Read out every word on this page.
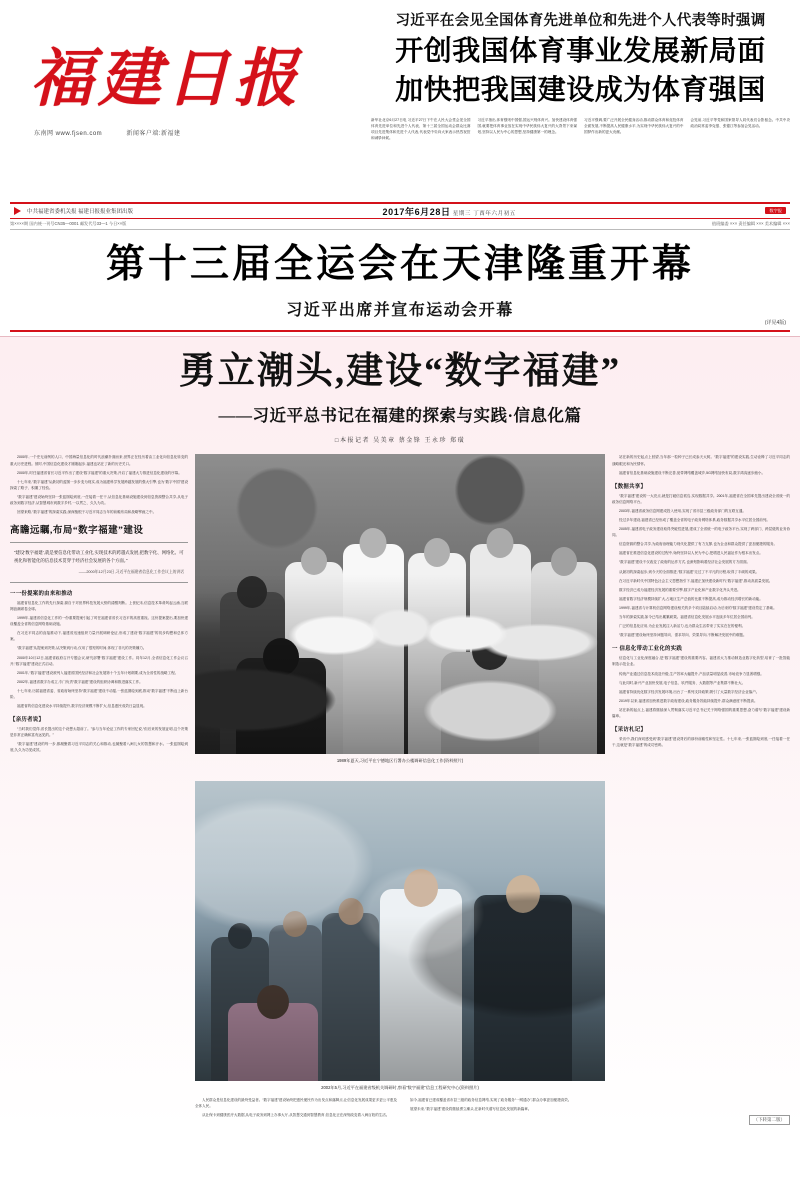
福建日报
东南网 www.fjsen.com	新闻客户端:新福建
习近平在会见全国体育先进单位和先进个人代表等时强调
开创我国体育事业发展新局面
加快把我国建设成为体育强国

新华社北京6月27日电 习近平27日下午在人民大会堂会见全国体育先进单位和先进个人代表、第十三届全国运动会群众比赛项目先进集体和先进个人代表,代表党中央向大家表示热烈祝贺和诚挚问候。

习近平指出,体育强则中国强,国运兴则体育兴。加快建设体育强国,就要把体育事业放在实现中华民族伟大复兴的大背景下来谋划,坚持以人民为中心的思想,坚持健康第一的理念。

习近平强调,要广泛开展全民健身活动,推动群众体育和竞技体育全面发展,不断提高人民健康水平,为实现中华民族伟大复兴的中国梦作出新的更大贡献。

会见前,习近平等党和国家领导人同代表们合影留念。中共中央政治局常委李克强、张德江等参加会见活动。

中共福建省委机关报 福建日报报业集团出版	2017年6月28日 星期三 丁酉年六月初五	数字报
第××××期 国内统一刊号CN35—0001 邮发代号33—1 今日××版	值班编委 ××× 责任编辑 ××× 美术编辑 ×××
第十三届全运会在天津隆重开幕
习近平出席并宣布运动会开幕
(详见4版)
勇立潮头,建设“数字福建”
——习近平总书记在福建的探索与实践·信息化篇
□本报记者 吴美章 蔡金锋 王永珍 郑璜

2000年,一个史无前例的人口、中国海量信息化的时代浪潮扑面而来,世界正在经历着由工业化向信息化转变的重大历史进程。彼时,中国信息化建设才刚刚起步,福建也站在了新的历史关口。

2000年,时任福建省省长习近平作出了建设“数字福建”的重大决策,开启了福建大力推进信息化建设的序幕。

十七年来,“数字福建”从最初的蓝图一步步变为现实,成为福建科学发展跨越发展的强大引擎,也为“数字中国”建设探索了路子、积累了经验。

“数字福建”建设始终坚持一张蓝图绘到底,一任接着一任干,从信息化基础设施建设到信息资源整合共享,从电子政务到数字经济,从智慧城市到数字乡村,一以贯之、久久为功。

回望来路,“数字福建”的探索实践,深深植根于习近平同志当年的前瞻布局和战略擘画之中。

高瞻远瞩,布局“数字福建”建设
“建设‘数字福建’,就是要信息化带动工业化,实现技术的跨越式发展,把数字化、网络化、可视化和智能化的信息技术贯穿于经济社会发展的各个方面。”
——2000年12月23日,习近平在福建省信息化工作会议上的讲话
一一份提案的由来和推动

福建省信息化工作的先行探索,源自于对世界科技发展大势的清醒判断。上世纪末,信息技术革命风起云涌,互联网浪潮席卷全球。

1999年,福建省信息化工作的一份重要提案引起了时任福建省省长习近平的高度重视。这份提案提出,要加快建设覆盖全省的信息网络基础设施。

在习近平同志的直接推动下,福建省迅速组织力量开展调研论证,形成了建设“数字福建”的初步构想和总体方案。

“数字福建”从提案到决策,从决策到行动,仅用了很短的时间,体现了非凡的决策魄力。

2000年10月12日,福建省政府召开专题会议,研究部署“数字福建”建设工作。同年12月,全省信息化工作会议召开,“数字福建”建设正式启动。

2001年,“数字福建”建设被列入福建省国民经济和社会发展第十个五年计划纲要,成为全省性的战略工程。

2002年,福建省数字办成立,专门负责“数字福建”建设的组织协调和推进落实工作。

十七年来,历届福建省委、省政府始终坚持“数字福建”建设不动摇,一张蓝图绘到底,推动“数字福建”不断迈上新台阶。

福建省的信息化建设水平持续提升,数字经济规模不断扩大,信息惠民成效日益显现。

【亲历者说】

“当时我们觉得,省长提出的这个设想太超前了。”参与当年论证工作的专家回忆说,“但后来的发展证明,这个决策是非常正确和富有远见的。”

“数字福建”建设的每一步,都凝聚着习近平同志的关心和推动,也凝聚着八闽儿女的智慧和汗水。一张蓝图绘到底,久久为功见成效。

1989年夏天,习近平在宁德地区行署办公楼调研信息化工作(资料照片)
2002年5月,习近平在福建省级机关调研时,察看“数字福建”信息工程研究中心(资料照片)

人民群众是信息化建设的最终受益者。“数字福建”建设始终把惠民便民作为出发点和落脚点,让信息化发展成果更多更公平惠及全体人民。

从社保卡到健康医疗大数据,从电子政务到网上办事大厅,从智慧交通到智慧教育,信息化正在深刻改变着八闽百姓的生活。

如今,福建省已建成覆盖省市县三级的政务信息网络,实现了政务服务“一网通办”,群众办事更加便捷高效。

展望未来,“数字福建”建设将继续勇立潮头,在新时代谱写信息化发展的新篇章。

站在新的历史起点上回望,当年那一粒种子已长成参天大树。“数字福建”的建设实践,生动诠释了习近平同志的战略眼光和为民情怀。

福建省信息化基础设施建设不断完善,宽带网络覆盖城乡,5G网络加快布局,数字鸿沟逐步缩小。

【数据共享】

“数字福建”建设的一大亮点,就是打破信息孤岛,实现数据共享。2001年,福建省在全国率先提出建设全省统一的政务信息网络平台。

2003年,福建省政务信息网建成投入使用,实现了省市县三级政务部门的互联互通。

经过多年建设,福建省已经形成了覆盖全省的电子政务网络体系,政务数据共享水平位居全国前列。

2005年,福建省电子政务建设取得突破性进展,建成了全省统一的电子政务平台,实现了跨部门、跨层级的业务协同。

信息资源的整合共享,为政府治理能力现代化提供了有力支撑,也为企业和群众提供了更加便捷的服务。

福建省在推进信息化建设的过程中,始终坚持以人民为中心,把增进人民福祉作为根本出发点。

“数字福建”建设不仅改变了政府的运作方式,也深刻影响着经济社会发展的方方面面。

从最初的探索起步,到今天的全面推进,“数字福建”走过了不平凡的历程,取得了丰硕的成果。

在习近平新时代中国特色社会主义思想指引下,福建正加快建设新时代“数字福建”,推动高质量发展。

数字经济已成为福建经济发展的重要引擎,数字产业化和产业数字化齐头并进。

福建省数字经济规模持续扩大,占地区生产总值的比重不断提高,成为推动经济增长的新动能。

1999年,福建省与计算机信息网络建设相关的多个项目陆续启动,为后来的“数字福建”建设奠定了基础。

当年的探索实践,如今已结出累累硕果。福建省信息化发展水平连续多年位居全国前列。

广泛的信息化应用,为企业发展注入新活力,也为群众生活带来了实实在在的便利。

“数字福建”建设始终坚持问题导向、需求导向、效果导向,不断解决发展中的难题。

一 信息化带动工业化的实践

信息化与工业化深度融合,是“数字福建”建设的重要内容。福建省大力推动制造业数字化转型,培育了一批智能制造示范企业。

传统产业通过信息技术改造升级,生产效率大幅提升,产品质量明显改善,市场竞争力显著增强。

与此同时,新兴产业加快发展,电子信息、软件服务、大数据等产业集群不断壮大。

福建省持续优化数字经济发展环境,出台了一系列支持政策,吸引了大量数字经济企业落户。

2019年以来,福建省加快推进数字政府建设,政务服务效能持续提升,群众满意度不断提高。

站在新的起点上,福建将继续深入贯彻落实习近平总书记关于网络强国的重要思想,奋力谱写“数字福建”建设新篇章。

【采访札记】

采访中,我们深切感受到“数字福建”建设背后的那份前瞻性和坚定性。十七年来,一张蓝图绘到底,一任接着一任干,这就是“数字福建”的成功密码。

（下转第二版）
